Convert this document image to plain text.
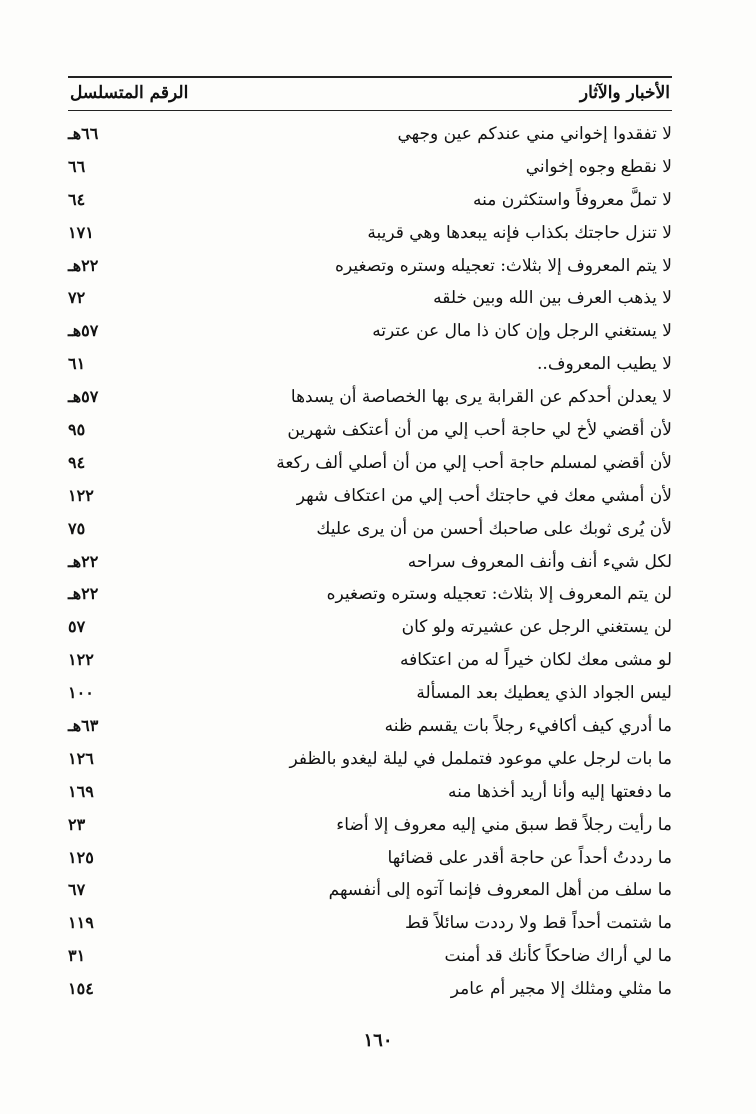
الأخبار والآثار
الرقم المتسلسل
لا تفقدوا إخواني مني عندكم عين وجهي
٦٦هـ
لا نقطع وجوه إخواني
٦٦
لا تملَّ معروفاً واستكثرن منه
٦٤
لا تنزل حاجتك بكذاب فإنه يبعدها وهي قريبة
١٧١
لا يتم المعروف إلا بثلاث: تعجيله وستره وتصغيره
٢٢هـ
لا يذهب العرف بين الله وبين خلقه
٧٢
لا يستغني الرجل وإن كان ذا مال عن عترته
٥٧هـ
لا يطيب المعروف..
٦١
لا يعدلن أحدكم عن القرابة يرى بها الخصاصة أن يسدها
٥٧هـ
لأن أقضي لأخ لي حاجة أحب إلي من أن أعتكف شهرين
٩٥
لأن أقضي لمسلم حاجة أحب إلي من أن أصلي ألف ركعة
٩٤
لأن أمشي معك في حاجتك أحب إلي من اعتكاف شهر
١٢٢
لأن يُرى ثوبك على صاحبك أحسن من أن يرى عليك
٧٥
لكل شيء أنف وأنف المعروف سراحه
٢٢هـ
لن يتم المعروف إلا بثلاث: تعجيله وستره وتصغيره
٢٢هـ
لن يستغني الرجل عن عشيرته ولو كان
٥٧
لو مشى معك لكان خيراً له من اعتكافه
١٢٢
ليس الجواد الذي يعطيك بعد المسألة
١٠٠
ما أدري كيف أكافيء رجلاً بات يقسم ظنه
٦٣هـ
ما بات لرجل علي موعود فتململ في ليلة ليغدو بالظفر
١٢٦
ما دفعتها إليه وأنا أريد أخذها منه
١٦٩
ما رأيت رجلاً قط سبق مني إليه معروف إلا أضاء
٢٣
ما رددتُ أحداً عن حاجة أقدر على قضائها
١٢٥
ما سلف من أهل المعروف فإنما آتوه إلى أنفسهم
٦٧
ما شتمت أحداً قط ولا رددت سائلاً قط
١١٩
ما لي أراك ضاحكاً كأنك قد أمنت
٣١
ما مثلي ومثلك إلا مجير أم عامر
١٥٤
١٦٠
